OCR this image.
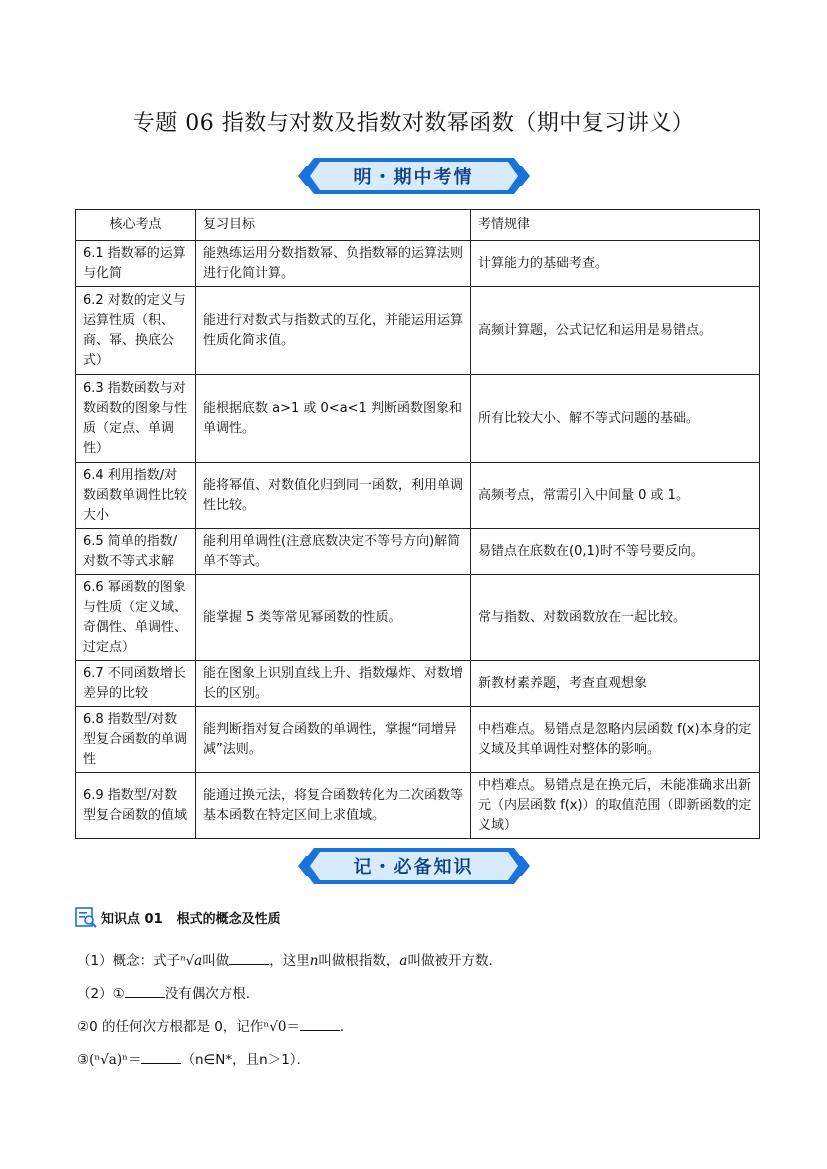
专题 06 指数与对数及指数对数幂函数（期中复习讲义）
明・期中考情
核心考点	复习目标	考情规律
6.1 指数幂的运算与化简	能熟练运用分数指数幂、负指数幂的运算法则进行化简计算。	计算能力的基础考查。
6.2 对数的定义与运算性质（积、商、幂、换底公式）	能进行对数式与指数式的互化，并能运用运算性质化简求值。	高频计算题，公式记忆和运用是易错点。
6.3 指数函数与对数函数的图象与性质（定点、单调性）	能根据底数 a>1 或 0<a<1 判断函数图象和单调性。	所有比较大小、解不等式问题的基础。
6.4 利用指数/对数函数单调性比较大小	能将幂值、对数值化归到同一函数，利用单调性比较。	高频考点，常需引入中间量 0 或 1。
6.5 简单的指数/对数不等式求解	能利用单调性(注意底数决定不等号方向)解简单不等式。	易错点在底数在(0,1)时不等号要反向。
6.6 幂函数的图象与性质（定义域、奇偶性、单调性、过定点）	能掌握 5 类等常见幂函数的性质。	常与指数、对数函数放在一起比较。
6.7 不同函数增长差异的比较	能在图象上识别直线上升、指数爆炸、对数增长的区别。	新教材素养题，考查直观想象
6.8 指数型/对数型复合函数的单调性	能判断指对复合函数的单调性，掌握“同增异减”法则。	中档难点。易错点是忽略内层函数 f(x)本身的定义域及其单调性对整体的影响。
6.9 指数型/对数型复合函数的值域	能通过换元法，将复合函数转化为二次函数等基本函数在特定区间上求值域。	中档难点。易错点是在换元后，未能准确求出新元（内层函数 f(x)）的取值范围（即新函数的定义域）
记・必备知识
知识点 01 根式的概念及性质
（1）概念：式子ⁿ√a叫做	，这里n叫做根指数，a叫做被开方数．
（2）①	没有偶次方根．
②0 的任何次方根都是 0，记作ⁿ√0＝	．
③(ⁿ√a)ⁿ＝	（n∈N*，且n＞1）．
